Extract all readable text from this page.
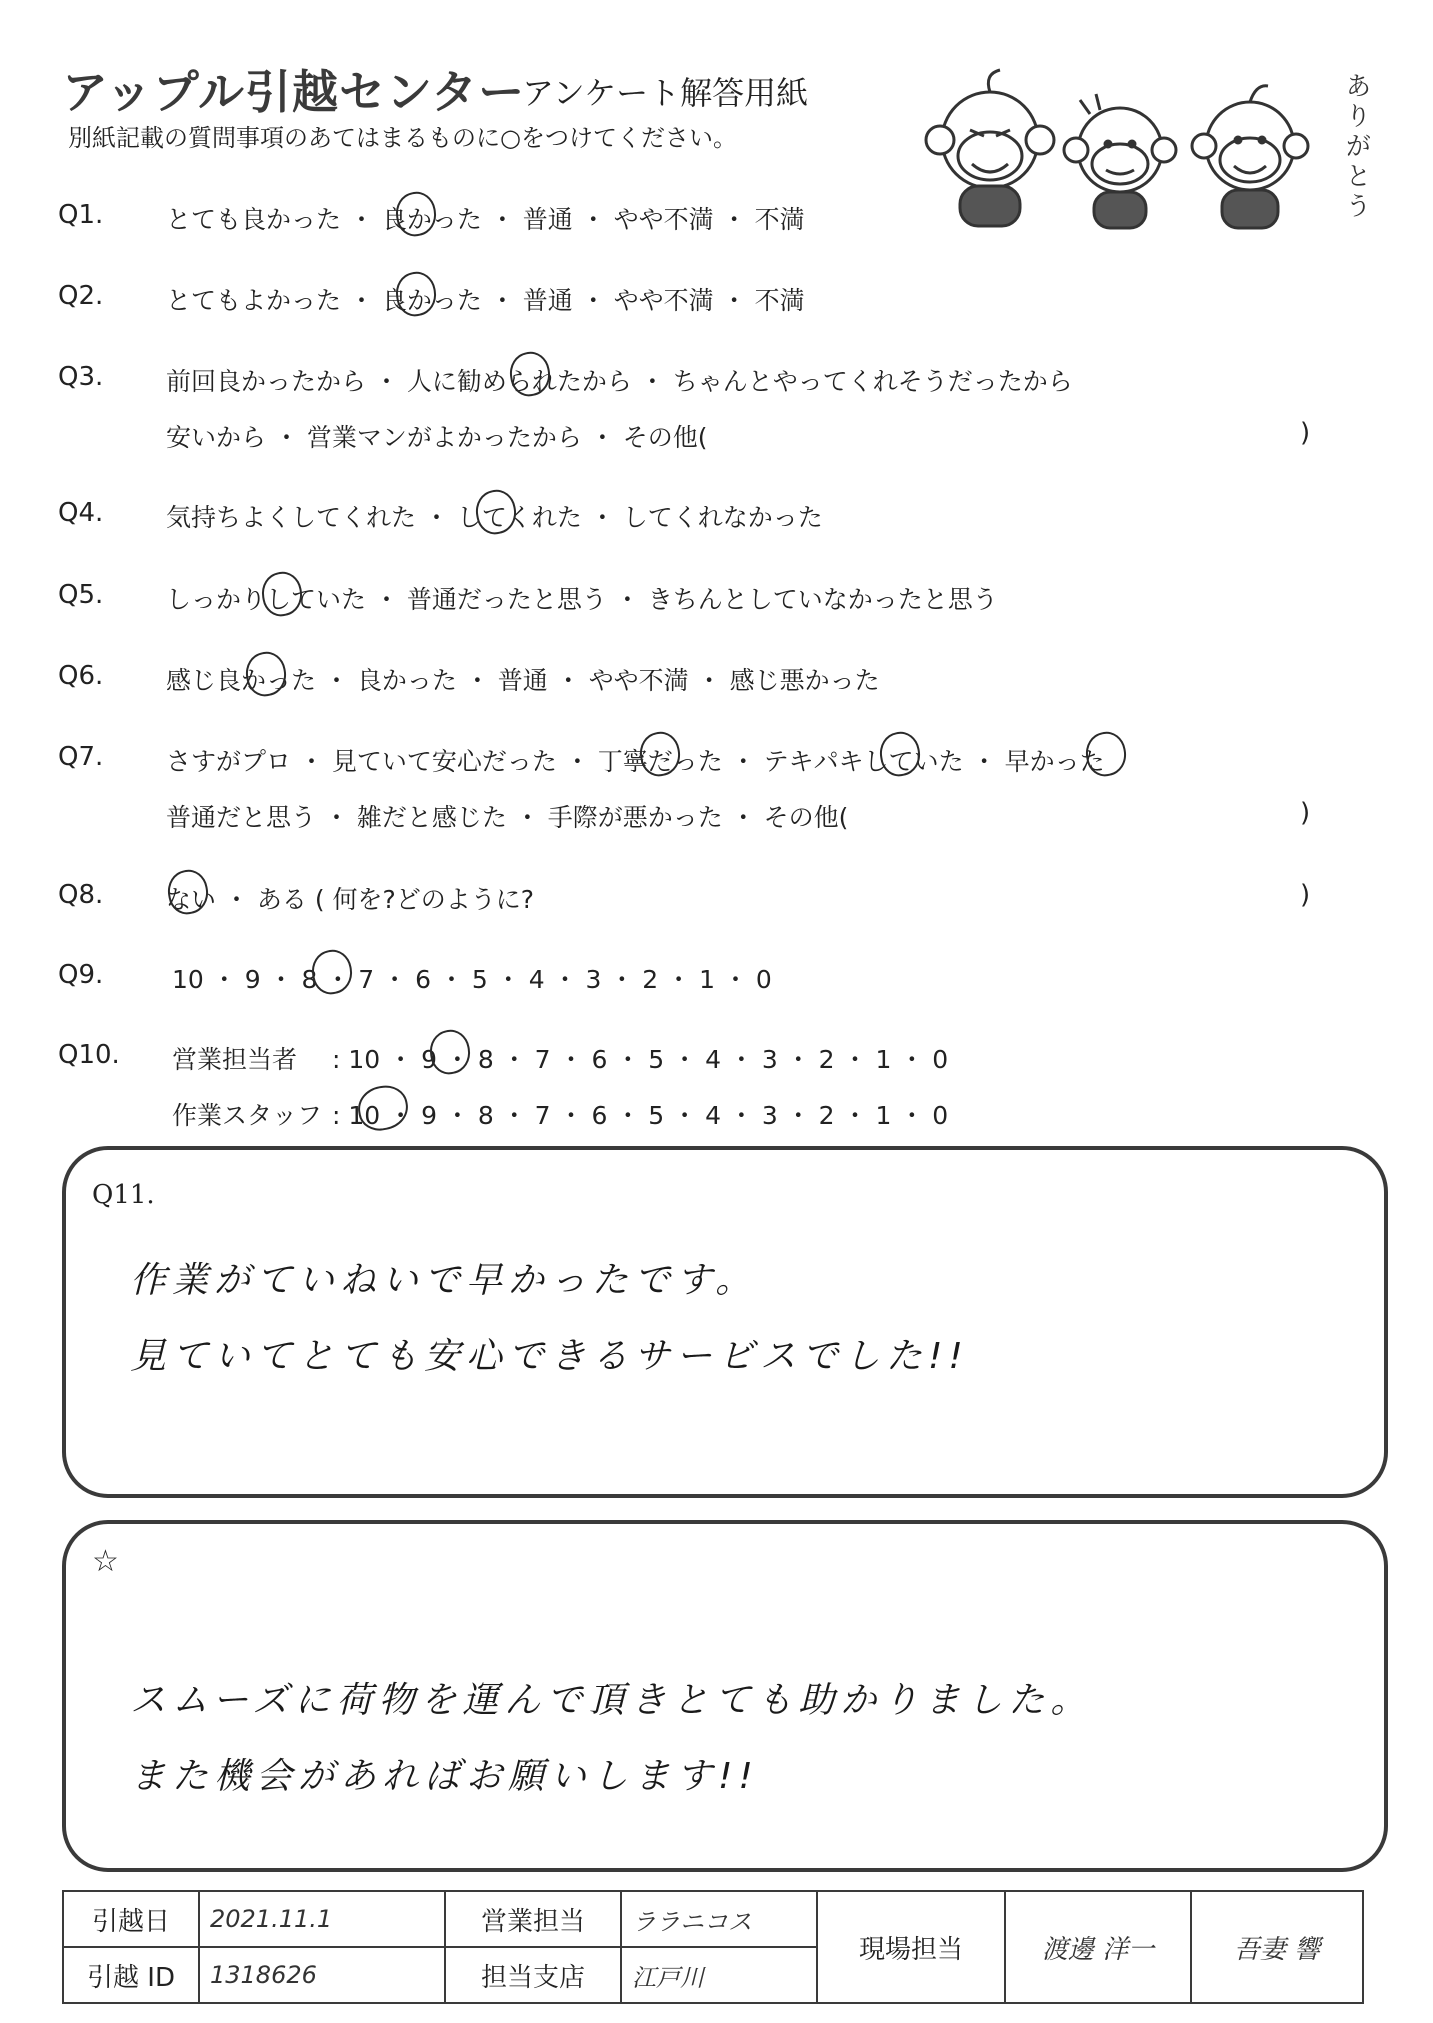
アップル引越センター
アンケート解答用紙
別紙記載の質問事項のあてはまるものに○をつけてください。	ありがとう
Q1.	とても良かった ・ 良かった ・ 普通 ・ やや不満 ・ 不満
Q2.	とてもよかった ・ 良かった ・ 普通 ・ やや不満 ・ 不満
Q3.	前回良かったから ・ 人に勧められたから ・ ちゃんとやってくれそうだったから
安いから ・ 営業マンがよかったから ・ その他(	)
Q4.	気持ちよくしてくれた ・ してくれた ・ してくれなかった
Q5.	しっかりしていた ・ 普通だったと思う ・ きちんとしていなかったと思う
Q6.	感じ良かった ・ 良かった ・ 普通 ・ やや不満 ・ 感じ悪かった
Q7.	さすがプロ ・ 見ていて安心だった ・ 丁寧だった ・ テキパキしていた ・ 早かった
普通だと思う ・ 雑だと感じた ・ 手際が悪かった ・ その他(	)
Q8.	ない ・ ある ( 何を?どのように?	)
Q9.	10 ・ 9 ・ 8 ・ 7 ・ 6 ・ 5 ・ 4 ・ 3 ・ 2 ・ 1 ・ 0
Q10. 営業担当者 : 10 ・ 9 ・ 8 ・ 7 ・ 6 ・ 5 ・ 4 ・ 3 ・ 2 ・ 1 ・ 0
作業スタッフ : 10 ・ 9 ・ 8 ・ 7 ・ 6 ・ 5 ・ 4 ・ 3 ・ 2 ・ 1 ・ 0
Q11.
作業がていねいで早かったです。
見ていてとても安心できるサービスでした!!
☆
スムーズに荷物を運んで頂きとても助かりました。
また機会があればお願いします!!
引越日	2021.11.1	営業担当	ララニコス	現場担当	渡邊 洋一	吾妻 響
引越 ID	1318626	担当支店	江戸川			
